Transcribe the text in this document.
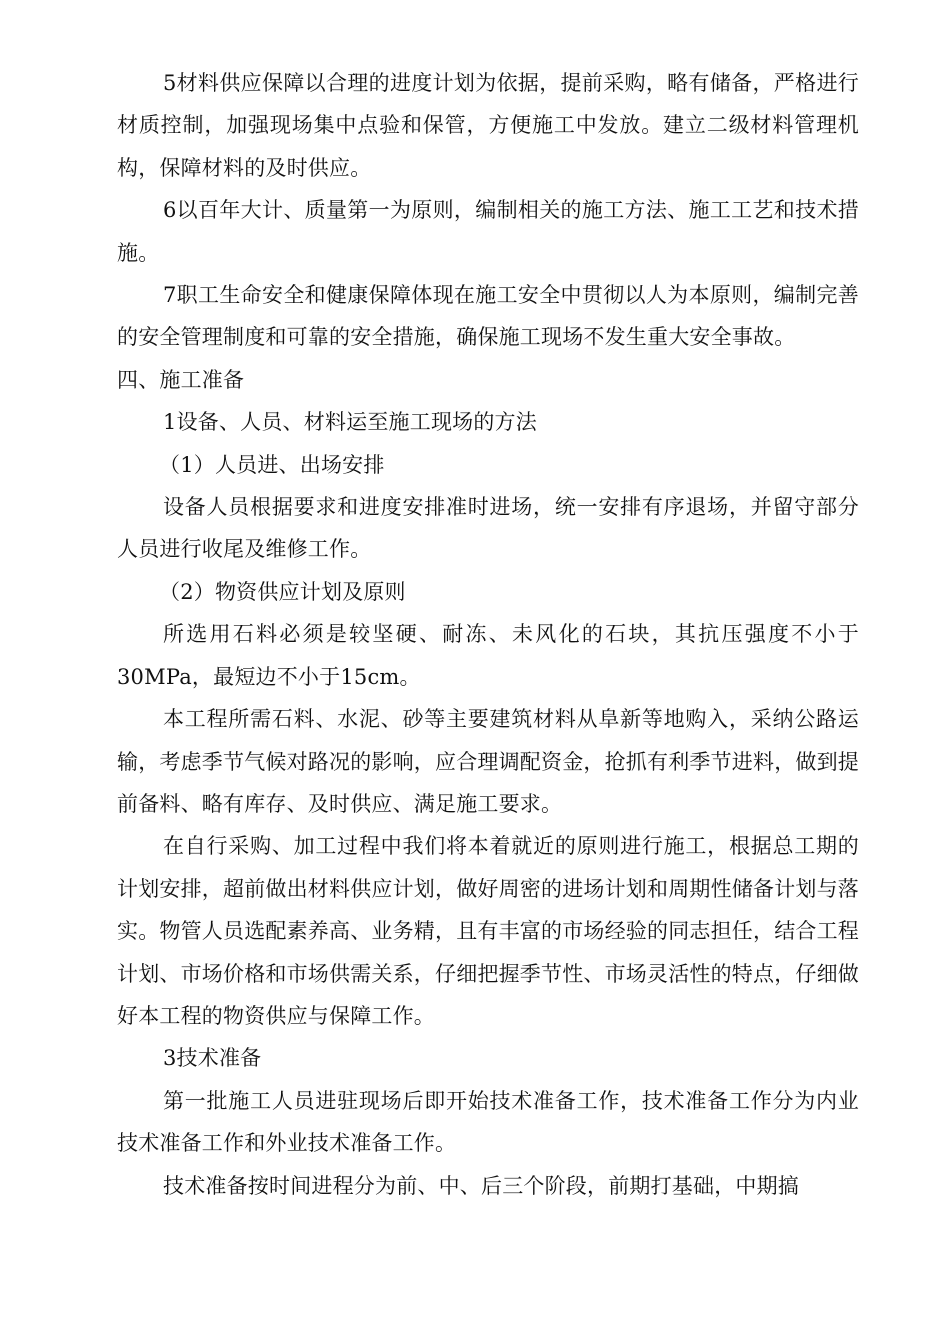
5材料供应保障以合理的进度计划为依据，提前采购，略有储备，严格进行材质控制，加强现场集中点验和保管，方便施工中发放。建立二级材料管理机构，保障材料的及时供应。

6以百年大计、质量第一为原则，编制相关的施工方法、施工工艺和技术措施。

7职工生命安全和健康保障体现在施工安全中贯彻以人为本原则，编制完善的安全管理制度和可靠的安全措施，确保施工现场不发生重大安全事故。

四、施工准备

1设备、人员、材料运至施工现场的方法

（1）人员进、出场安排

设备人员根据要求和进度安排准时进场，统一安排有序退场，并留守部分人员进行收尾及维修工作。

（2）物资供应计划及原则

所选用石料必须是较坚硬、耐冻、未风化的石块，其抗压强度不小于30MPa，最短边不小于15cm。

本工程所需石料、水泥、砂等主要建筑材料从阜新等地购入，采纳公路运输，考虑季节气候对路况的影响，应合理调配资金，抢抓有利季节进料，做到提前备料、略有库存、及时供应、满足施工要求。

在自行采购、加工过程中我们将本着就近的原则进行施工，根据总工期的计划安排，超前做出材料供应计划，做好周密的进场计划和周期性储备计划与落实。物管人员选配素养高、业务精，且有丰富的市场经验的同志担任，结合工程计划、市场价格和市场供需关系，仔细把握季节性、市场灵活性的特点，仔细做好本工程的物资供应与保障工作。

3技术准备

第一批施工人员进驻现场后即开始技术准备工作，技术准备工作分为内业技术准备工作和外业技术准备工作。

技术准备按时间进程分为前、中、后三个阶段，前期打基础，中期搞
